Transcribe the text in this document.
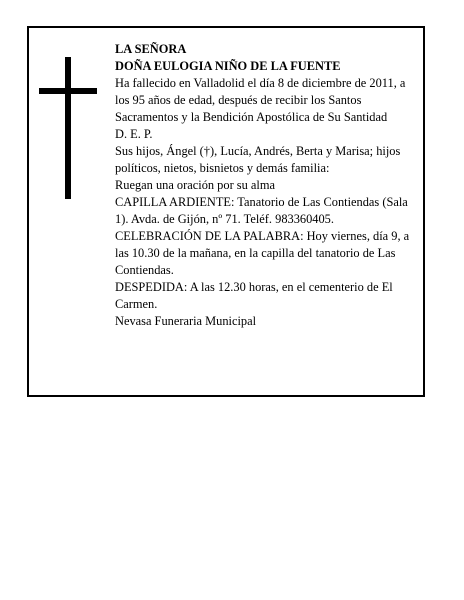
LA SEÑORA

DOÑA EULOGIA NIÑO DE LA FUENTE

Ha fallecido en Valladolid el día 8 de diciembre de 2011, a los 95 años de edad, después de recibir los Santos Sacramentos y la Bendición Apostólica de Su Santidad

D. E. P.

Sus hijos, Ángel (†), Lucía, Andrés, Berta y Marisa; hijos políticos, nietos, bisnietos y demás familia:

Ruegan una oración por su alma

CAPILLA ARDIENTE: Tanatorio de Las Contiendas (Sala 1). Avda. de Gijón, nº 71. Teléf. 983360405.

CELEBRACIÓN DE LA PALABRA: Hoy viernes, día 9, a las 10.30 de la mañana, en la capilla del tanatorio de Las Contiendas.

DESPEDIDA: A las 12.30 horas, en el cementerio de El Carmen.

Nevasa Funeraria Municipal
